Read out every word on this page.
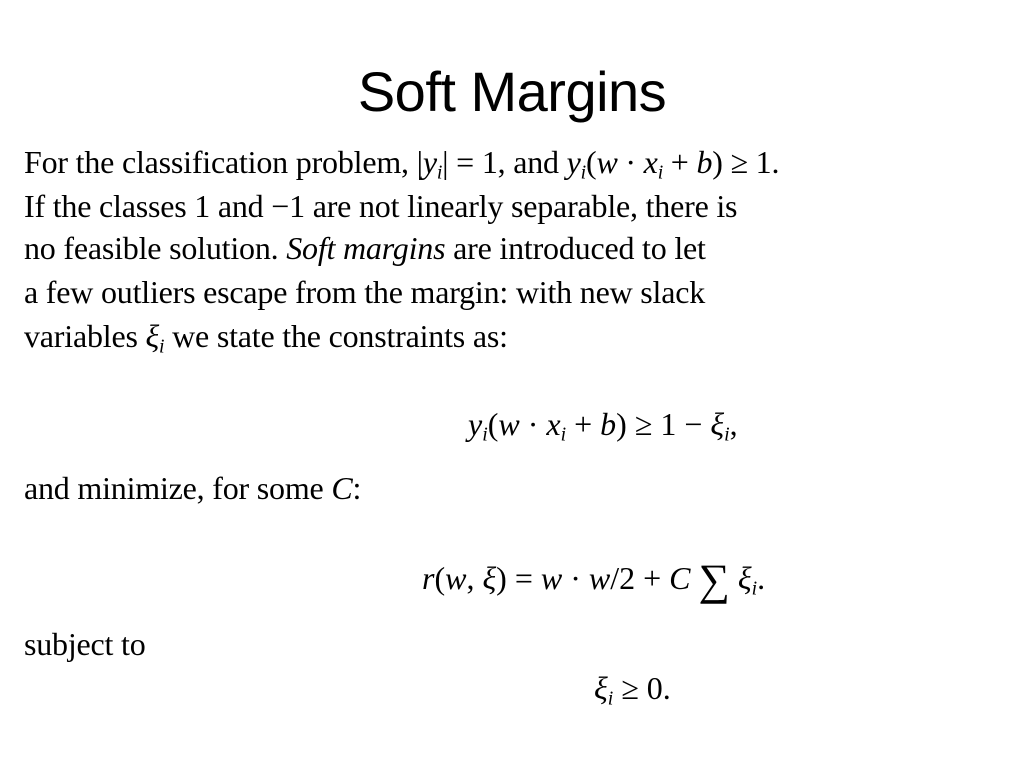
Soft Margins
For the classification problem, $|y_i| = 1$, and $y_i(w \cdot x_i + b) \ge 1$.
If the classes 1 and −1 are not linearly separable, there is
no feasible solution. Soft margins are introduced to let
a few outliers escape from the margin: with new slack
variables $\xi_i$ we state the constraints as:
$y_i(w \cdot x_i + b) \ge 1 - \xi_i$,
and minimize, for some C:
r(w, ξ) = w · w/2 + C ∑ $\xi_i$.
subject to
$\xi_i \ge 0$.
